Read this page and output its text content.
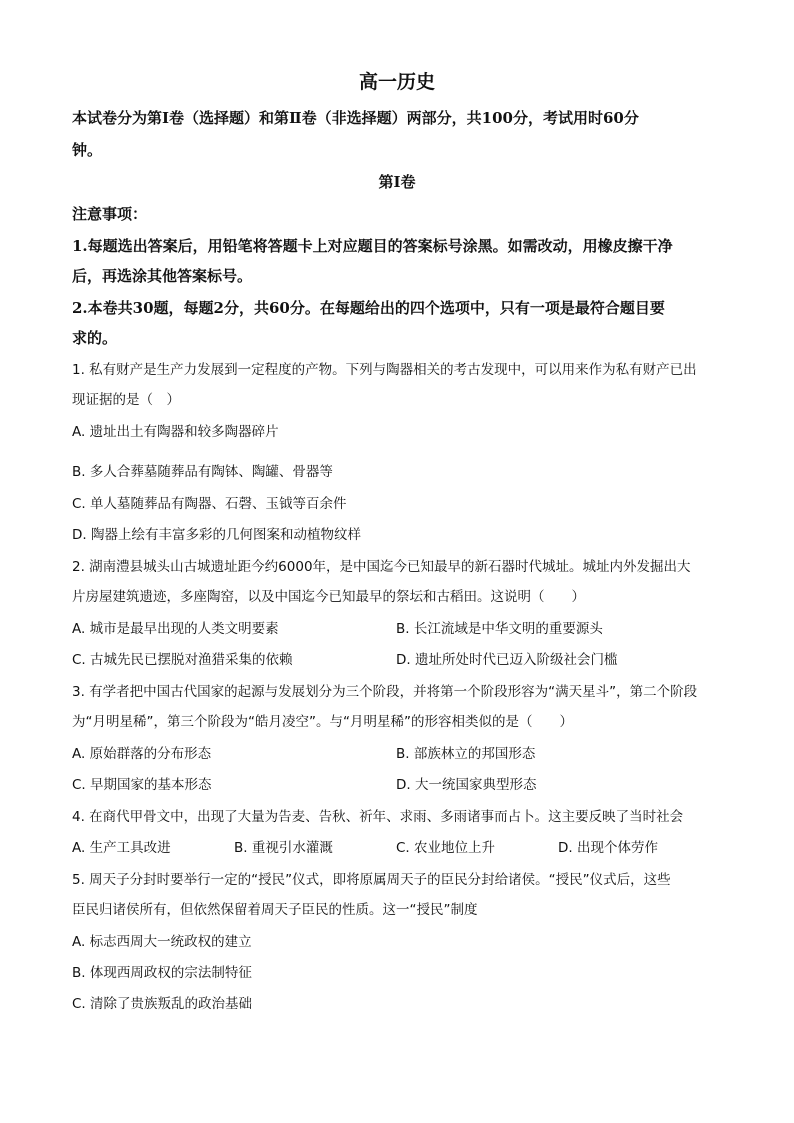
高一历史
本试卷分为第Ⅰ卷（选择题）和第Ⅱ卷（非选择题）两部分，共100分，考试用时60分
钟。
第Ⅰ卷
注意事项：
1.每题选出答案后，用铅笔将答题卡上对应题目的答案标号涂黑。如需改动，用橡皮擦干净
后，再选涂其他答案标号。
2.本卷共30题，每题2分，共60分。在每题给出的四个选项中，只有一项是最符合题目要
求的。
1. 私有财产是生产力发展到一定程度的产物。下列与陶器相关的考古发现中，可以用来作为私有财产已出
现证据的是（　）
A. 遗址出土有陶器和较多陶器碎片
B. 多人合葬墓随葬品有陶钵、陶罐、骨器等
C. 单人墓随葬品有陶器、石磬、玉钺等百余件
D. 陶器上绘有丰富多彩的几何图案和动植物纹样
2. 湖南澧县城头山古城遗址距今约6000年，是中国迄今已知最早的新石器时代城址。城址内外发掘出大
片房屋建筑遗迹，多座陶窑，以及中国迄今已知最早的祭坛和古稻田。这说明（　　）
A. 城市是最早出现的人类文明要素	B. 长江流域是中华文明的重要源头
C. 古城先民已摆脱对渔猎采集的依赖	D. 遗址所处时代已迈入阶级社会门槛
3. 有学者把中国古代国家的起源与发展划分为三个阶段，并将第一个阶段形容为“满天星斗”，第二个阶段
为“月明星稀”，第三个阶段为“皓月凌空”。与“月明星稀”的形容相类似的是（　　）
A. 原始群落的分布形态	B. 部族林立的邦国形态
C. 早期国家的基本形态	D. 大一统国家典型形态
4. 在商代甲骨文中，出现了大量为告麦、告秋、祈年、求雨、多雨诸事而占卜。这主要反映了当时社会
A. 生产工具改进	B. 重视引水灌溉	C. 农业地位上升	D. 出现个体劳作
5. 周天子分封时要举行一定的“授民”仪式，即将原属周天子的臣民分封给诸侯。“授民”仪式后，这些
臣民归诸侯所有，但依然保留着周天子臣民的性质。这一“授民”制度
A. 标志西周大一统政权的建立
B. 体现西周政权的宗法制特征
C. 清除了贵族叛乱的政治基础
